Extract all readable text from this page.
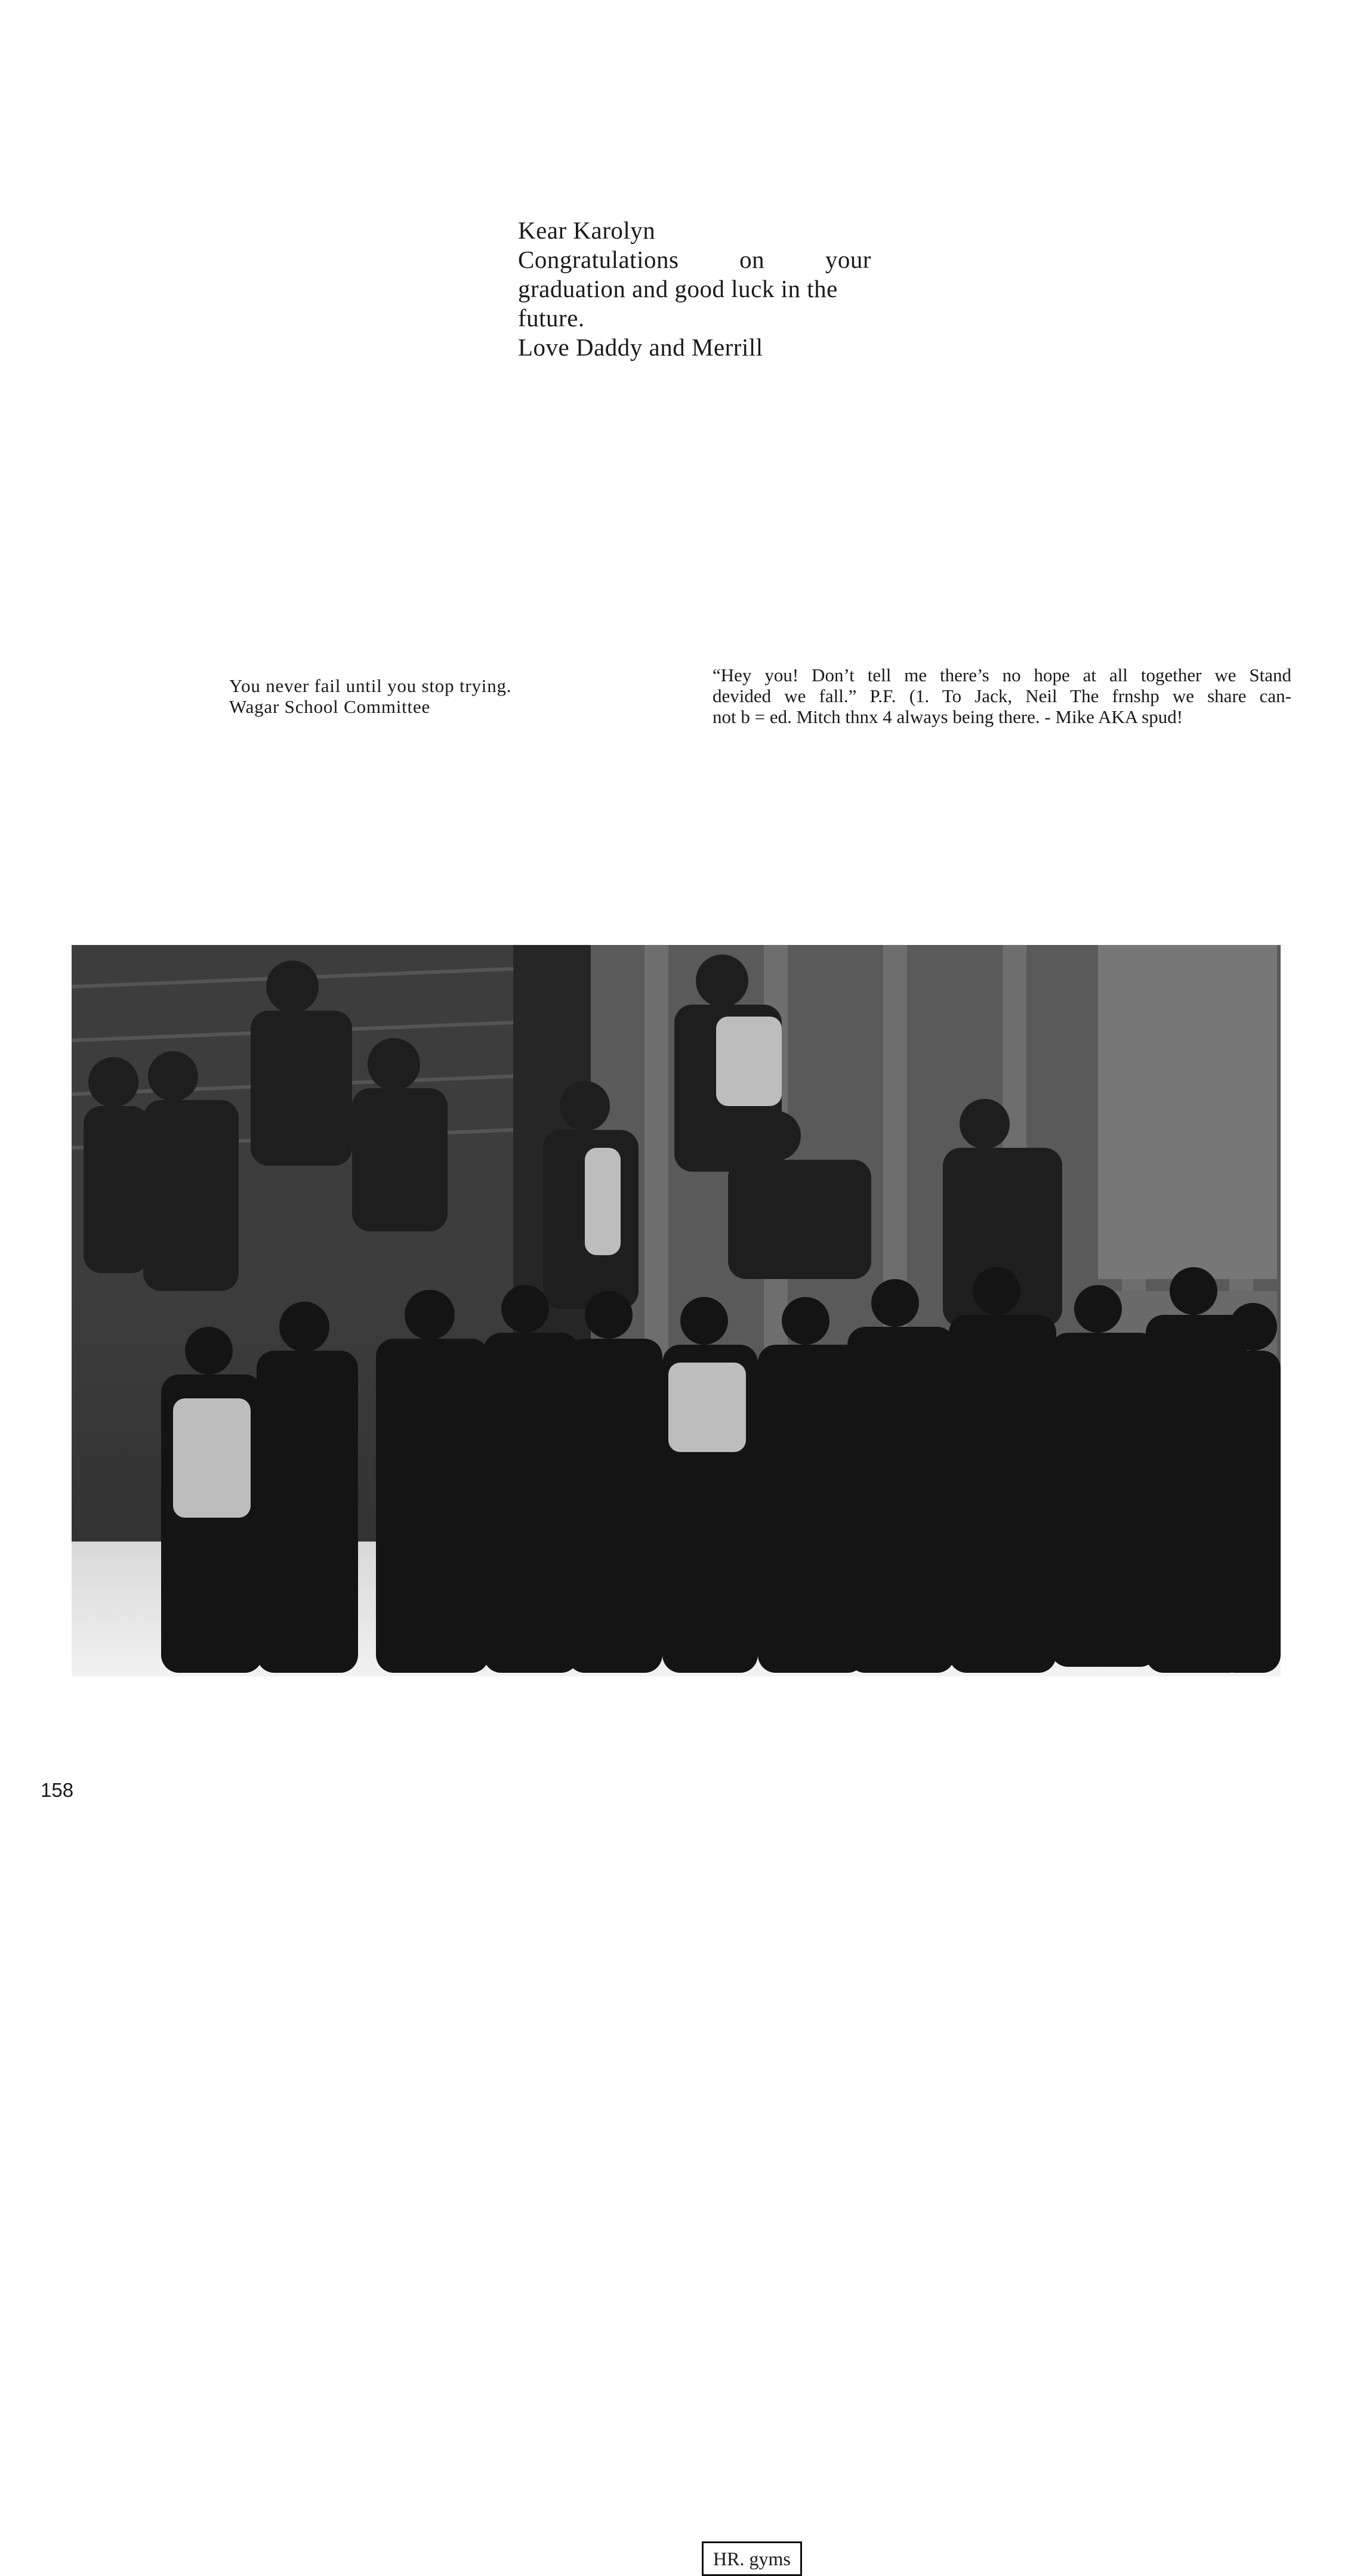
Kear Karolyn
Congratulations on your
graduation and good luck in the
future.
Love Daddy and Merrill
You never fail until you stop trying.
Wagar School Committee
“Hey you! Don’t tell me there’s no hope at all together we Stand
devided we fall.” P.F. (1. To Jack, Neil The frnshp we share can-
not b = ed. Mitch thnx 4 always being there. - Mike AKA spud!
HR. gyms
158
